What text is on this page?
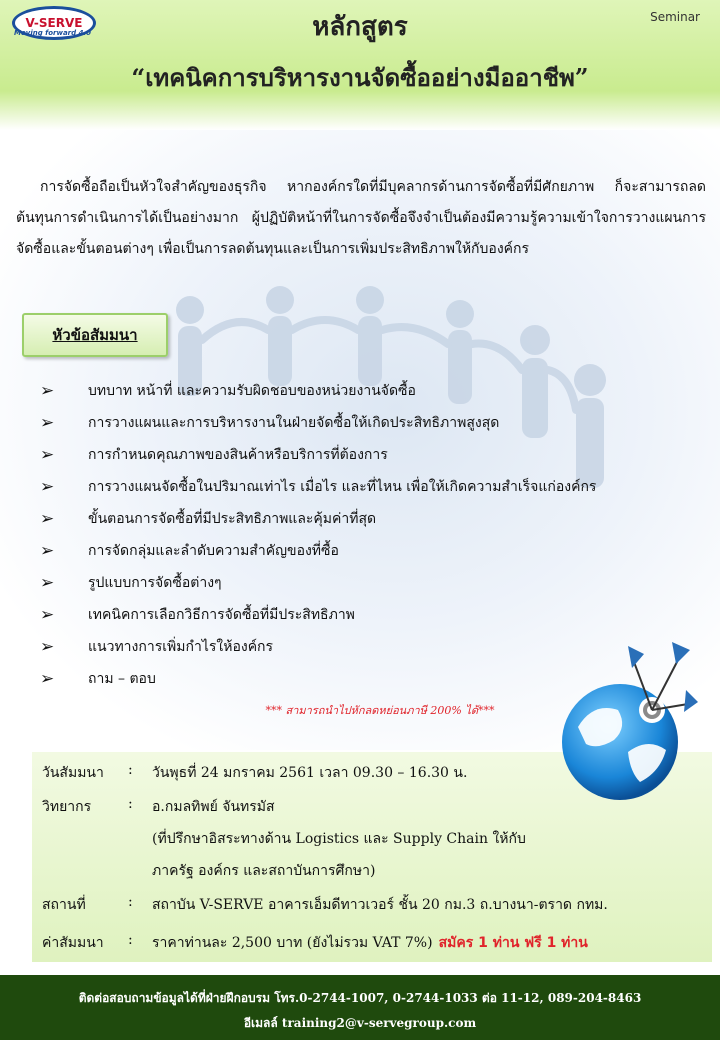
V-SERVE
Moving forward 4.0
Seminar
หลักสูตร
“เทคนิคการบริหารงานจัดซื้ออย่างมืออาชีพ”

การจัดซื้อถือเป็นหัวใจสำคัญของธุรกิจ หากองค์กรใดที่มีบุคลากรด้านการจัดซื้อที่มีศักยภาพ ก็จะสามารถลดต้นทุนการดำเนินการได้เป็นอย่างมาก ผู้ปฏิบัติหน้าที่ในการจัดซื้อจึงจำเป็นต้องมีความรู้ความเข้าใจการวางแผนการจัดซื้อและขั้นตอนต่างๆ เพื่อเป็นการลดต้นทุนและเป็นการเพิ่มประสิทธิภาพให้กับองค์กร

หัวข้อสัมมนา
➢	บทบาท หน้าที่ และความรับผิดชอบของหน่วยงานจัดซื้อ
➢	การวางแผนและการบริหารงานในฝ่ายจัดซื้อให้เกิดประสิทธิภาพสูงสุด
➢	การกำหนดคุณภาพของสินค้าหรือบริการที่ต้องการ
➢	การวางแผนจัดซื้อในปริมาณเท่าไร เมื่อไร และที่ไหน เพื่อให้เกิดความสำเร็จแก่องค์กร
➢	ขั้นตอนการจัดซื้อที่มีประสิทธิภาพและคุ้มค่าที่สุด
➢	การจัดกลุ่มและลำดับความสำคัญของที่ซื้อ
➢	รูปแบบการจัดซื้อต่างๆ
➢	เทคนิคการเลือกวิธีการจัดซื้อที่มีประสิทธิภาพ
➢	แนวทางการเพิ่มกำไรให้องค์กร
➢	ถาม – ตอบ
*** สามารถนำไปหักลดหย่อนภาษี 200% ได้***
วันสัมมนา	:	วันพุธที่ 24 มกราคม 2561 เวลา 09.30 – 16.30 น.
วิทยากร	:	อ.กมลทิพย์ จันทรมัส
(ที่ปรึกษาอิสระทางด้าน Logistics และ Supply Chain ให้กับ
ภาครัฐ องค์กร และสถาบันการศึกษา)
สถานที่	:	สถาบัน V-SERVE อาคารเอ็มดีทาวเวอร์ ชั้น 20 กม.3 ถ.บางนา-ตราด กทม.
ค่าสัมมนา	:	ราคาท่านละ 2,500 บาท (ยังไม่รวม VAT 7%) สมัคร 1 ท่าน ฟรี 1 ท่าน
ติดต่อสอบถามข้อมูลได้ที่ฝ่ายฝึกอบรม โทร.0-2744-1007, 0-2744-1033 ต่อ 11-12, 089-204-8463
อีเมลล์ training2@v-servegroup.com
